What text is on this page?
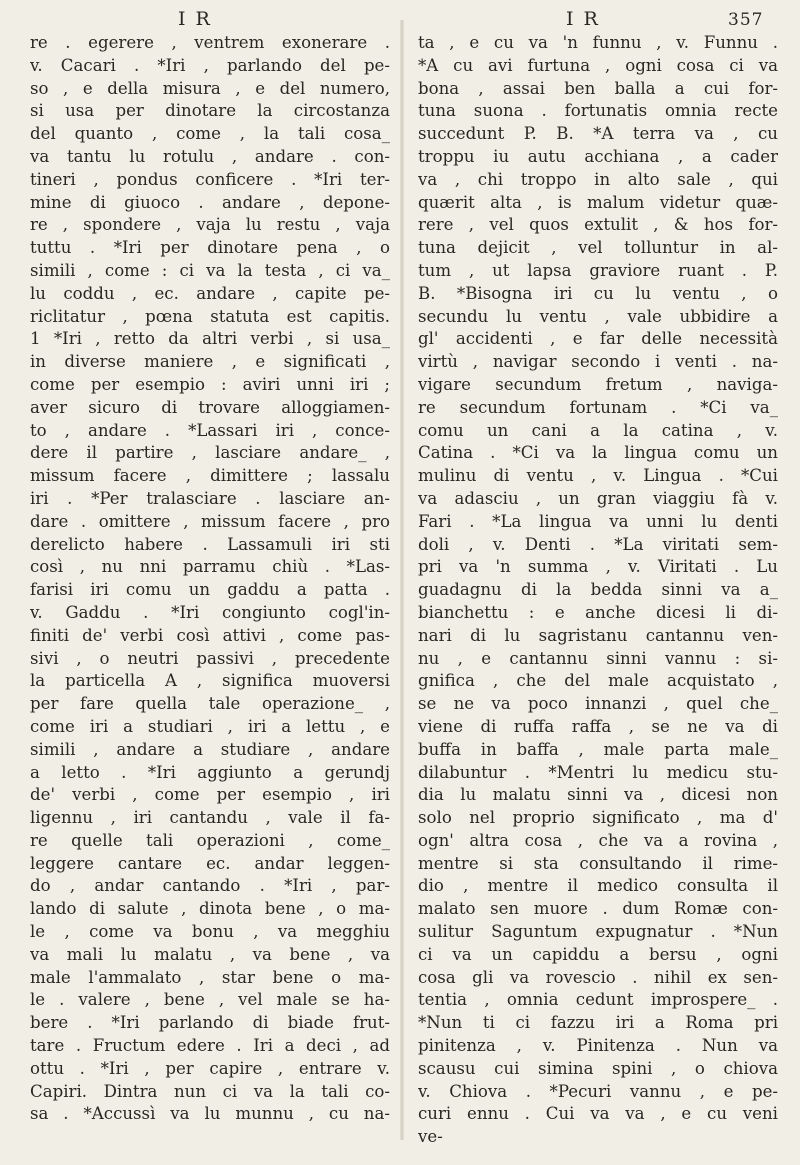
I R	I R	357
re . egerere , ventrem exonerare .
v. Cacari . *Iri , parlando del pe-
so , e della misura , e del numero,
si usa per dinotare la circostanza
del quanto , come , la tali cosa_
va tantu lu rotulu , andare . con-
tineri , pondus conficere . *Iri ter-
mine di giuoco . andare , depone-
re , spondere , vaja lu restu , vaja
tuttu . *Iri per dinotare pena , o
simili , come : ci va la testa , ci va_
lu coddu , ec. andare , capite pe-
riclitatur , pœna statuta est capitis.
1 *Iri , retto da altri verbi , si usa_
in diverse maniere , e significati ,
come per esempio : aviri unni iri ;
aver sicuro di trovare alloggiamen-
to , andare . *Lassari iri , conce-
dere il partire , lasciare andare_ ,
missum facere , dimittere ; lassalu
iri . *Per tralasciare . lasciare an-
dare . omittere , missum facere , pro
derelicto habere . Lassamuli iri sti
così , nu nni parramu chiù . *Las-
farisi iri comu un gaddu a patta .
v. Gaddu . *Iri congiunto cogl'in-
finiti de' verbi così attivi , come pas-
sivi , o neutri passivi , precedente
la particella A , significa muoversi
per fare quella tale operazione_ ,
come iri a studiari , iri a lettu , e
simili , andare a studiare , andare
a letto . *Iri aggiunto a gerundj
de' verbi , come per esempio , iri
ligennu , iri cantandu , vale il fa-
re quelle tali operazioni , come_
leggere cantare ec. andar leggen-
do , andar cantando . *Iri , par-
lando di salute , dinota bene , o ma-
le , come va bonu , va megghiu
va mali lu malatu , va bene , va
male l'ammalato , star bene o ma-
le . valere , bene , vel male se ha-
bere . *Iri parlando di biade frut-
tare . Fructum edere . Iri a deci , ad
ottu . *Iri , per capire , entrare v.
Capiri. Dintra nun ci va la tali co-
sa . *Accussì va lu munnu , cu na-
ta , e cu va 'n funnu , v. Funnu .
*A cu avi furtuna , ogni cosa ci va
bona , assai ben balla a cui for-
tuna suona . fortunatis omnia recte
succedunt P. B. *A terra va , cu
troppu iu autu acchiana , a cader
va , chi troppo in alto sale , qui
quærit alta , is malum videtur quæ-
rere , vel quos extulit , & hos for-
tuna dejicit , vel tolluntur in al-
tum , ut lapsa graviore ruant . P.
B. *Bisogna iri cu lu ventu , o
secundu lu ventu , vale ubbidire a
gl' accidenti , e far delle necessità
virtù , navigar secondo i venti . na-
vigare secundum fretum , naviga-
re secundum fortunam . *Ci va_
comu un cani a la catina , v.
Catina . *Ci va la lingua comu un
mulinu di ventu , v. Lingua . *Cui
va adasciu , un gran viaggiu fà v.
Fari . *La lingua va unni lu denti
doli , v. Denti . *La viritati sem-
pri va 'n summa , v. Viritati . Lu
guadagnu di la bedda sinni va a_
bianchettu : e anche dicesi li di-
nari di lu sagristanu cantannu ven-
nu , e cantannu sinni vannu : si-
gnifica , che del male acquistato ,
se ne va poco innanzi , quel che_
viene di ruffa raffa , se ne va di
buffa in baffa , male parta male_
dilabuntur . *Mentri lu medicu stu-
dia lu malatu sinni va , dicesi non
solo nel proprio significato , ma d'
ogn' altra cosa , che va a rovina ,
mentre si sta consultando il rime-
dio , mentre il medico consulta il
malato sen muore . dum Romæ con-
sulitur Saguntum expugnatur . *Nun
ci va un capiddu a bersu , ogni
cosa gli va rovescio . nihil ex sen-
tentia , omnia cedunt improspere_ .
*Nun ti ci fazzu iri a Roma pri
pinitenza , v. Pinitenza . Nun va
scausu cui simina spini , o chiova
v. Chiova . *Pecuri vannu , e pe-
curi ennu . Cui va va , e cu veni
ve-
